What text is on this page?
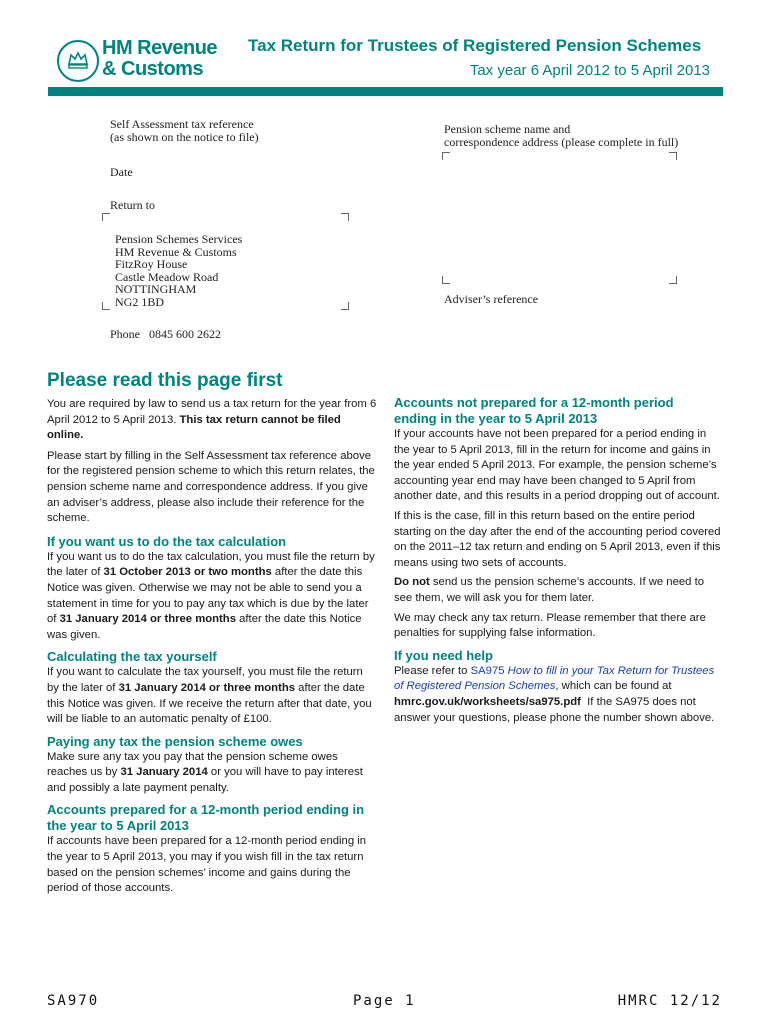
HM Revenue
& Customs
Tax Return for Trustees of Registered Pension Schemes
Tax year 6 April 2012 to 5 April 2013
Self Assessment tax reference
(as shown on the notice to file)
Date
Return to
Pension Schemes Services
HM Revenue & Customs
FitzRoy House
Castle Meadow Road
NOTTINGHAM
NG2 1BD
Phone   0845 600 2622
Pension scheme name and
correspondence address (please complete in full)
Adviser’s reference
Please read this page first
You are required by law to send us a tax return for the year from 6 April 2012 to 5 April 2013. This tax return cannot be filed online.
Please start by filling in the Self Assessment tax reference above for the registered pension scheme to which this return relates, the pension scheme name and correspondence address. If you give an adviser’s address, please also include their reference for the scheme.
If you want us to do the tax calculation
If you want us to do the tax calculation, you must file the return by the later of 31 October 2013 or two months after the date this Notice was given. Otherwise we may not be able to send you a statement in time for you to pay any tax which is due by the later of 31 January 2014 or three months after the date this Notice was given.
Calculating the tax yourself
If you want to calculate the tax yourself, you must file the return by the later of 31 January 2014 or three months after the date this Notice was given. If we receive the return after that date, you will be liable to an automatic penalty of £100.
Paying any tax the pension scheme owes
Make sure any tax you pay that the pension scheme owes reaches us by 31 January 2014 or you will have to pay interest and possibly a late payment penalty.
Accounts prepared for a 12-month period ending in the year to 5 April 2013
If accounts have been prepared for a 12-month period ending in the year to 5 April 2013, you may if you wish fill in the tax return based on the pension schemes’ income and gains during the period of those accounts.
Accounts not prepared for a 12-month period ending in the year to 5 April 2013
If your accounts have not been prepared for a period ending in the year to 5 April 2013, fill in the return for income and gains in the year ended 5 April 2013. For example, the pension scheme’s accounting year end may have been changed to 5 April from another date, and this results in a period dropping out of account.
If this is the case, fill in this return based on the entire period starting on the day after the end of the accounting period covered on the 2011–12 tax return and ending on 5 April 2013, even if this means using two sets of accounts.
Do not send us the pension scheme’s accounts. If we need to see them, we will ask you for them later.
We may check any tax return. Please remember that there are penalties for supplying false information.
If you need help
Please refer to SA975 How to fill in your Tax Return for Trustees of Registered Pension Schemes, which can be found at hmrc.gov.uk/worksheets/sa975.pdf  If the SA975 does not answer your questions, please phone the number shown above.
SA970	Page 1	HMRC 12/12
